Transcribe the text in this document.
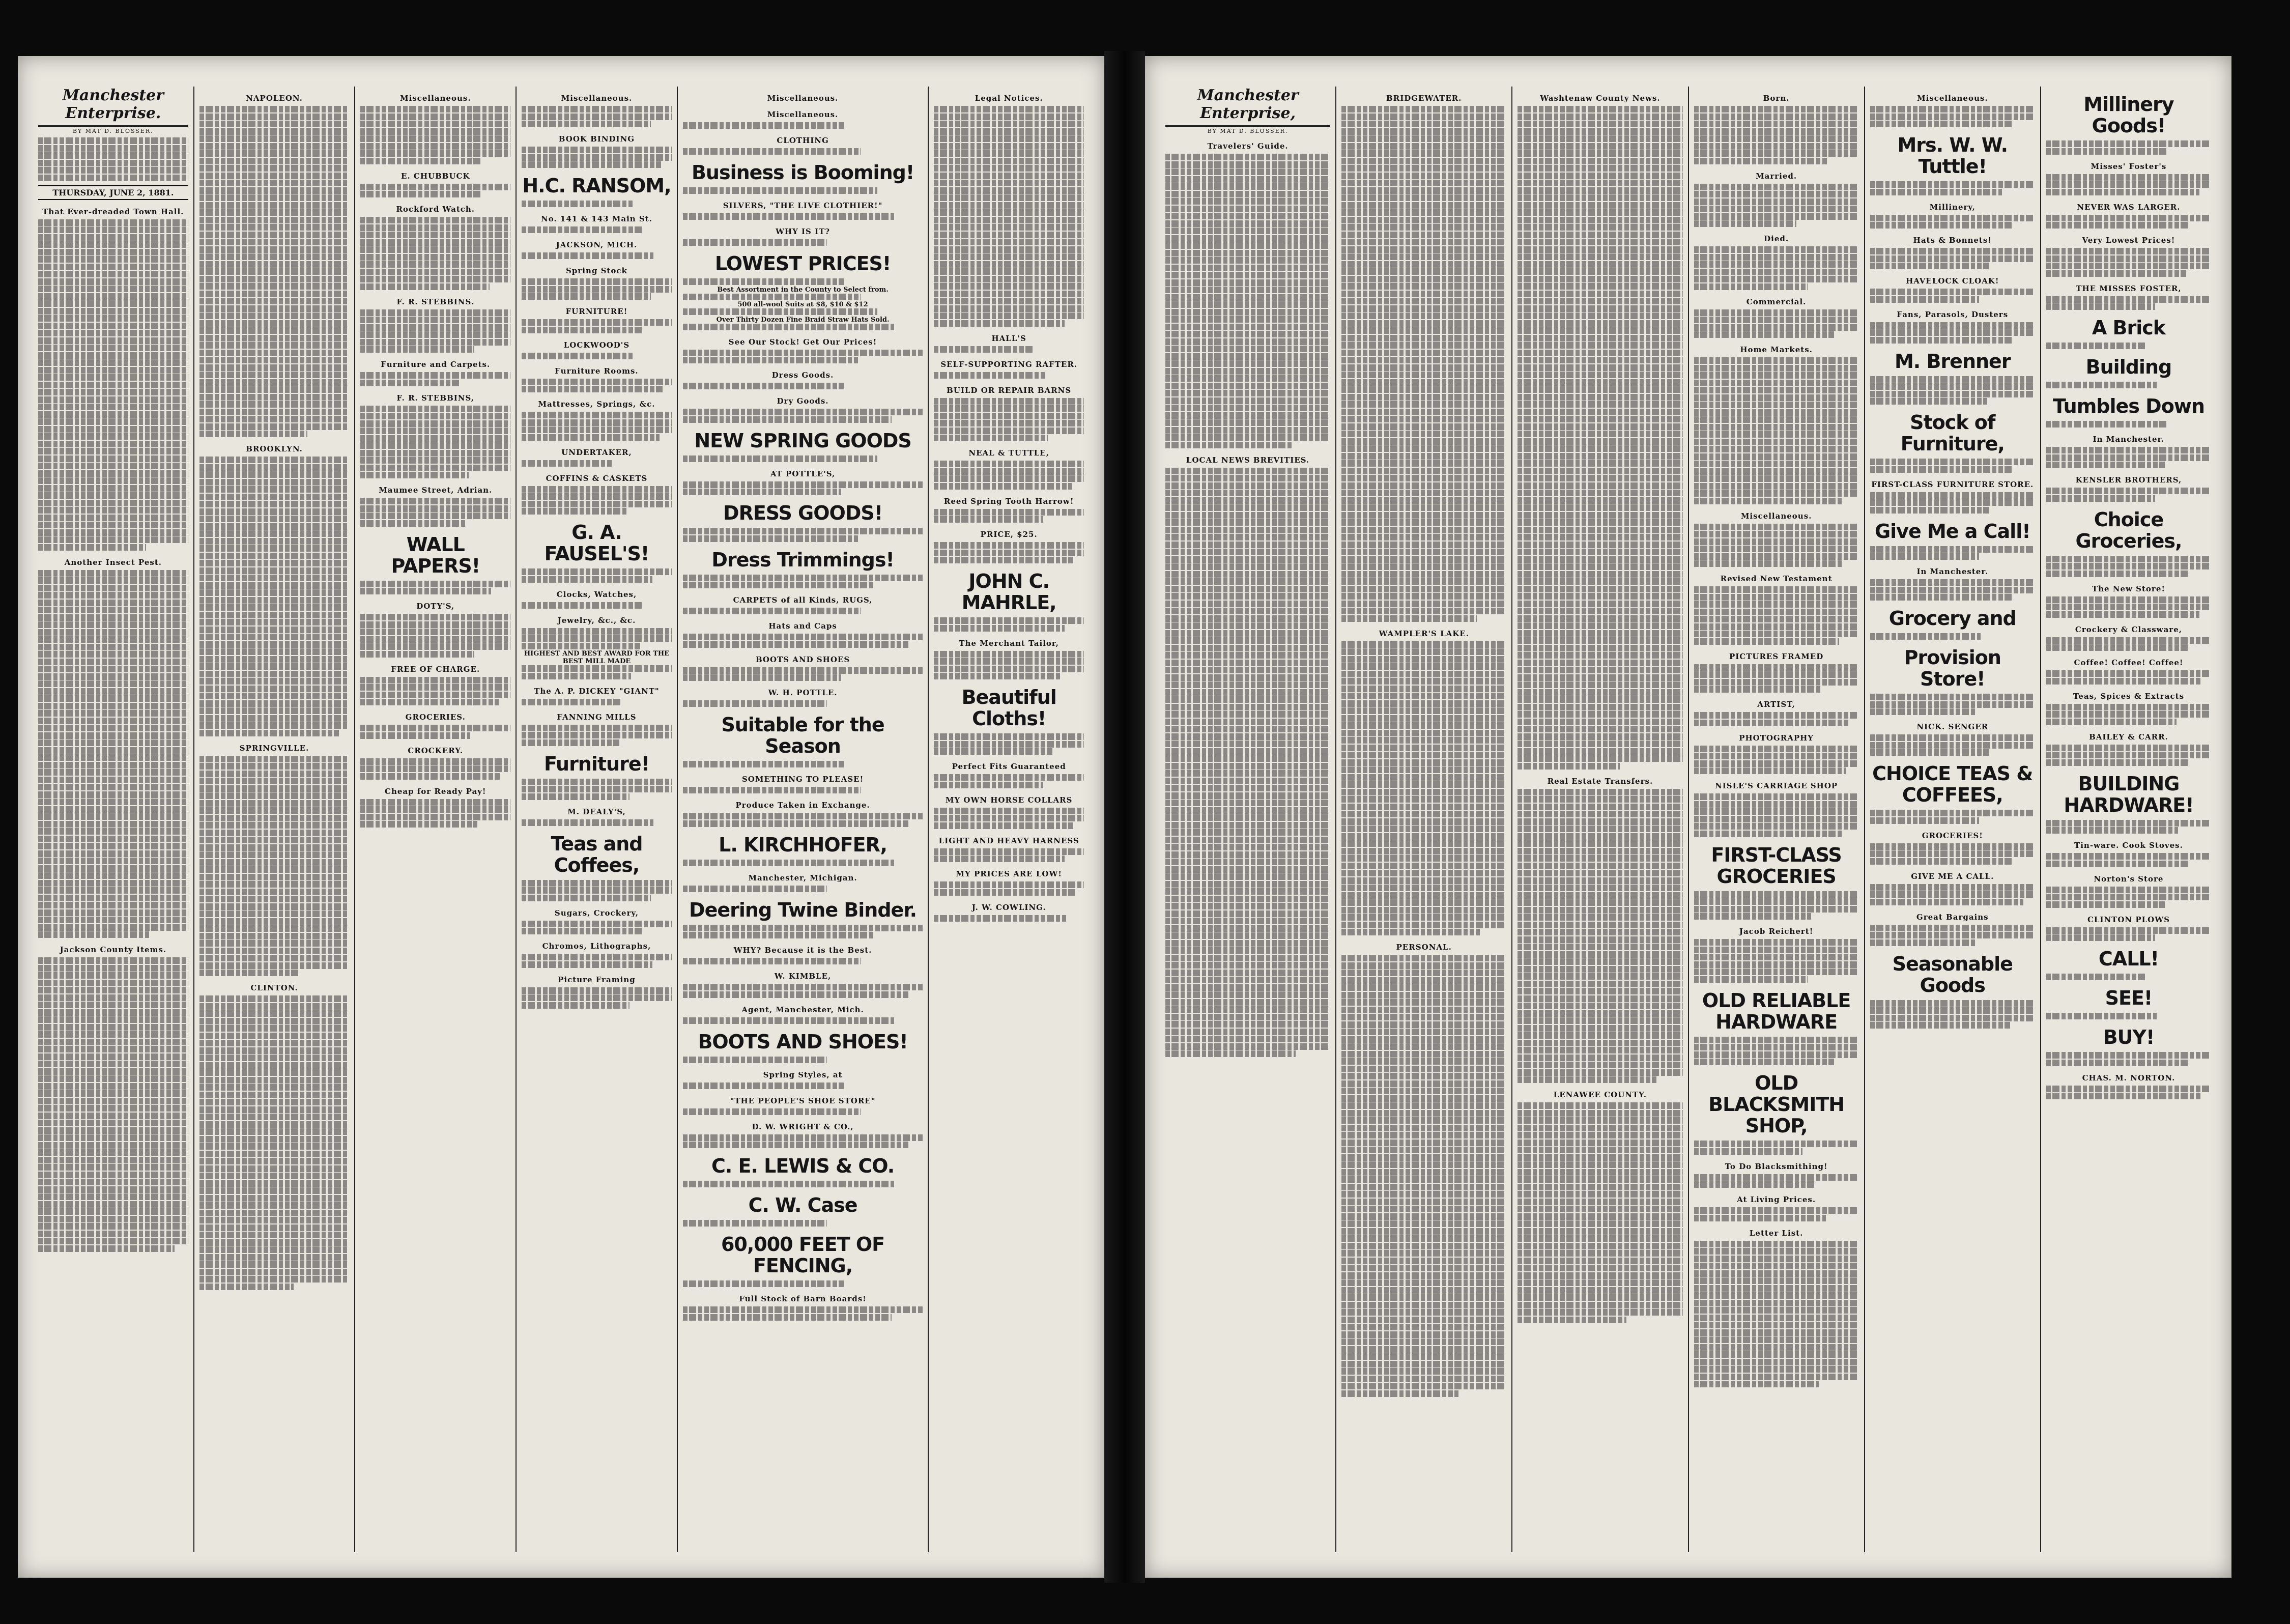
Manchester Enterprise.
BY MAT D. BLOSSER.
THURSDAY, JUNE 2, 1881.
That Ever-dreaded Town Hall.
Another Insect Pest.
Jackson County Items.
NAPOLEON.
BROOKLYN.
SPRINGVILLE.
CLINTON.
Miscellaneous.
E. CHUBBUCK
Rockford Watch.
F. R. STEBBINS.
Furniture and Carpets.
F. R. STEBBINS,
Maumee Street, Adrian.
WALL PAPERS!
DOTY'S,
FREE OF CHARGE.
GROCERIES.
CROCKERY.
Cheap for Ready Pay!
Miscellaneous.
BOOK BINDING
H.C. RANSOM,
No. 141 & 143 Main St.
JACKSON, MICH.
Spring Stock
FURNITURE!
LOCKWOOD'S
Furniture Rooms.
Mattresses, Springs, &c.
UNDERTAKER,
COFFINS & CASKETS
G. A. FAUSEL'S!
Clocks, Watches,
Jewelry, &c., &c.
HIGHEST AND BEST AWARD FOR THE BEST MILL MADE
The A. P. DICKEY "GIANT"
FANNING MILLS
Furniture!
M. DEALY'S,
Teas and Coffees,
Sugars, Crockery,
Chromos, Lithographs,
Picture Framing
Miscellaneous.
Miscellaneous.
CLOTHING
Business is Booming!
SILVERS, "THE LIVE CLOTHIER!"
WHY IS IT?
LOWEST PRICES!
Best Assortment in the County to Select from.
500 all-wool Suits at $8, $10 & $12
Over Thirty Dozen Fine Braid Straw Hats Sold.
See Our Stock! Get Our Prices!
Dress Goods.
Dry Goods.
NEW SPRING GOODS
AT POTTLE'S,
DRESS GOODS!
Dress Trimmings!
CARPETS of all Kinds, RUGS,
Hats and Caps
BOOTS AND SHOES
W. H. POTTLE.
Suitable for the Season
SOMETHING TO PLEASE!
Produce Taken in Exchange.
L. KIRCHHOFER,
Manchester, Michigan.
Deering Twine Binder.
WHY? Because it is the Best.
W. KIMBLE,
Agent, Manchester, Mich.
BOOTS AND SHOES!
Spring Styles, at
"THE PEOPLE'S SHOE STORE"
D. W. WRIGHT & CO.,
C. E. LEWIS & CO.
C. W. Case
60,000 FEET OF FENCING,
Full Stock of Barn Boards!
Legal Notices.
HALL'S
SELF-SUPPORTING RAFTER.
BUILD OR REPAIR BARNS
NEAL & TUTTLE,
Reed Spring Tooth Harrow!
PRICE, $25.
JOHN C. MAHRLE,
The Merchant Tailor,
Beautiful Cloths!
Perfect Fits Guaranteed
MY OWN HORSE COLLARS
LIGHT AND HEAVY HARNESS
MY PRICES ARE LOW!
J. W. COWLING.
Manchester Enterprise,
BY MAT D. BLOSSER.
Travelers' Guide.
LOCAL NEWS BREVITIES.
BRIDGEWATER.
WAMPLER'S LAKE.
PERSONAL.
Washtenaw County News.
Real Estate Transfers.
LENAWEE COUNTY.
Born.
Married.
Died.
Commercial.
Home Markets.
Miscellaneous.
Revised New Testament
PICTURES FRAMED
ARTIST,
PHOTOGRAPHY
NISLE'S CARRIAGE SHOP
FIRST-CLASS GROCERIES
Jacob Reichert!
OLD RELIABLE HARDWARE
OLD BLACKSMITH SHOP,
To Do Blacksmithing!
At Living Prices.
Letter List.
Miscellaneous.
Mrs. W. W. Tuttle!
Millinery,
Hats & Bonnets!
HAVELOCK CLOAK!
Fans, Parasols, Dusters
M. Brenner
Stock of Furniture,
FIRST-CLASS FURNITURE STORE.
Give Me a Call!
In Manchester.
Grocery and
Provision Store!
NICK. SENGER
CHOICE TEAS & COFFEES,
GROCERIES!
GIVE ME A CALL.
Great Bargains
Seasonable Goods
Millinery Goods!
Misses' Foster's
NEVER WAS LARGER.
Very Lowest Prices!
THE MISSES FOSTER,
A Brick
Building
Tumbles Down
In Manchester.
KENSLER BROTHERS,
Choice Groceries,
The New Store!
Crockery & Classware,
Coffee! Coffee! Coffee!
Teas, Spices & Extracts
BAILEY & CARR.
BUILDING HARDWARE!
Tin-ware. Cook Stoves.
Norton's Store
CLINTON PLOWS
CALL!
SEE!
BUY!
CHAS. M. NORTON.
